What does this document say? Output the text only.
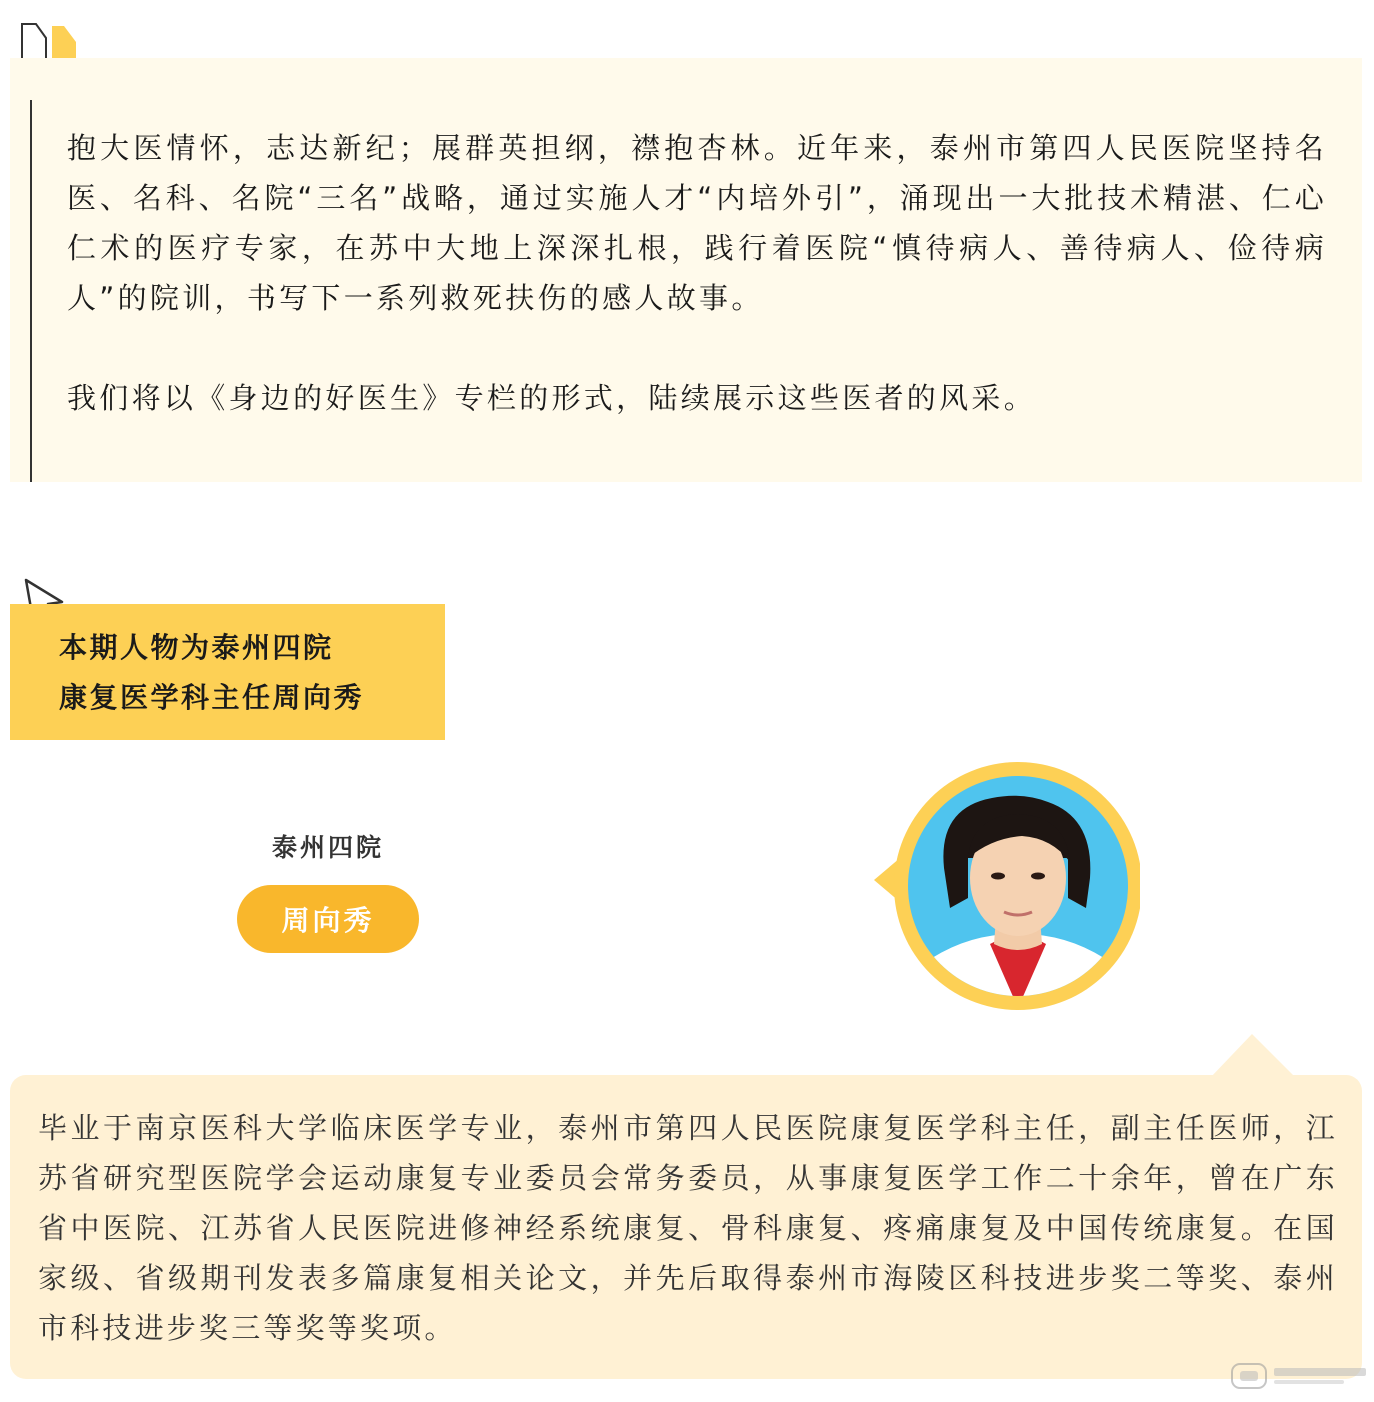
抱大医情怀，志达新纪；展群英担纲，襟抱杏林。近年来，泰州市第四人民医院坚持名医、名科、名院“三名”战略，通过实施人才“内培外引”，涌现出一大批技术精湛、仁心仁术的医疗专家，在苏中大地上深深扎根，践行着医院“慎待病人、善待病人、俭待病人”的院训，书写下一系列救死扶伤的感人故事。

我们将以《身边的好医生》专栏的形式，陆续展示这些医者的风采。

本期人物为泰州四院
康复医学科主任周向秀
泰州四院
周向秀

毕业于南京医科大学临床医学专业，泰州市第四人民医院康复医学科主任，副主任医师，江苏省研究型医院学会运动康复专业委员会常务委员，从事康复医学工作二十余年，曾在广东省中医院、江苏省人民医院进修神经系统康复、骨科康复、疼痛康复及中国传统康复。在国家级、省级期刊发表多篇康复相关论文，并先后取得泰州市海陵区科技进步奖二等奖、泰州市科技进步奖三等奖等奖项。
